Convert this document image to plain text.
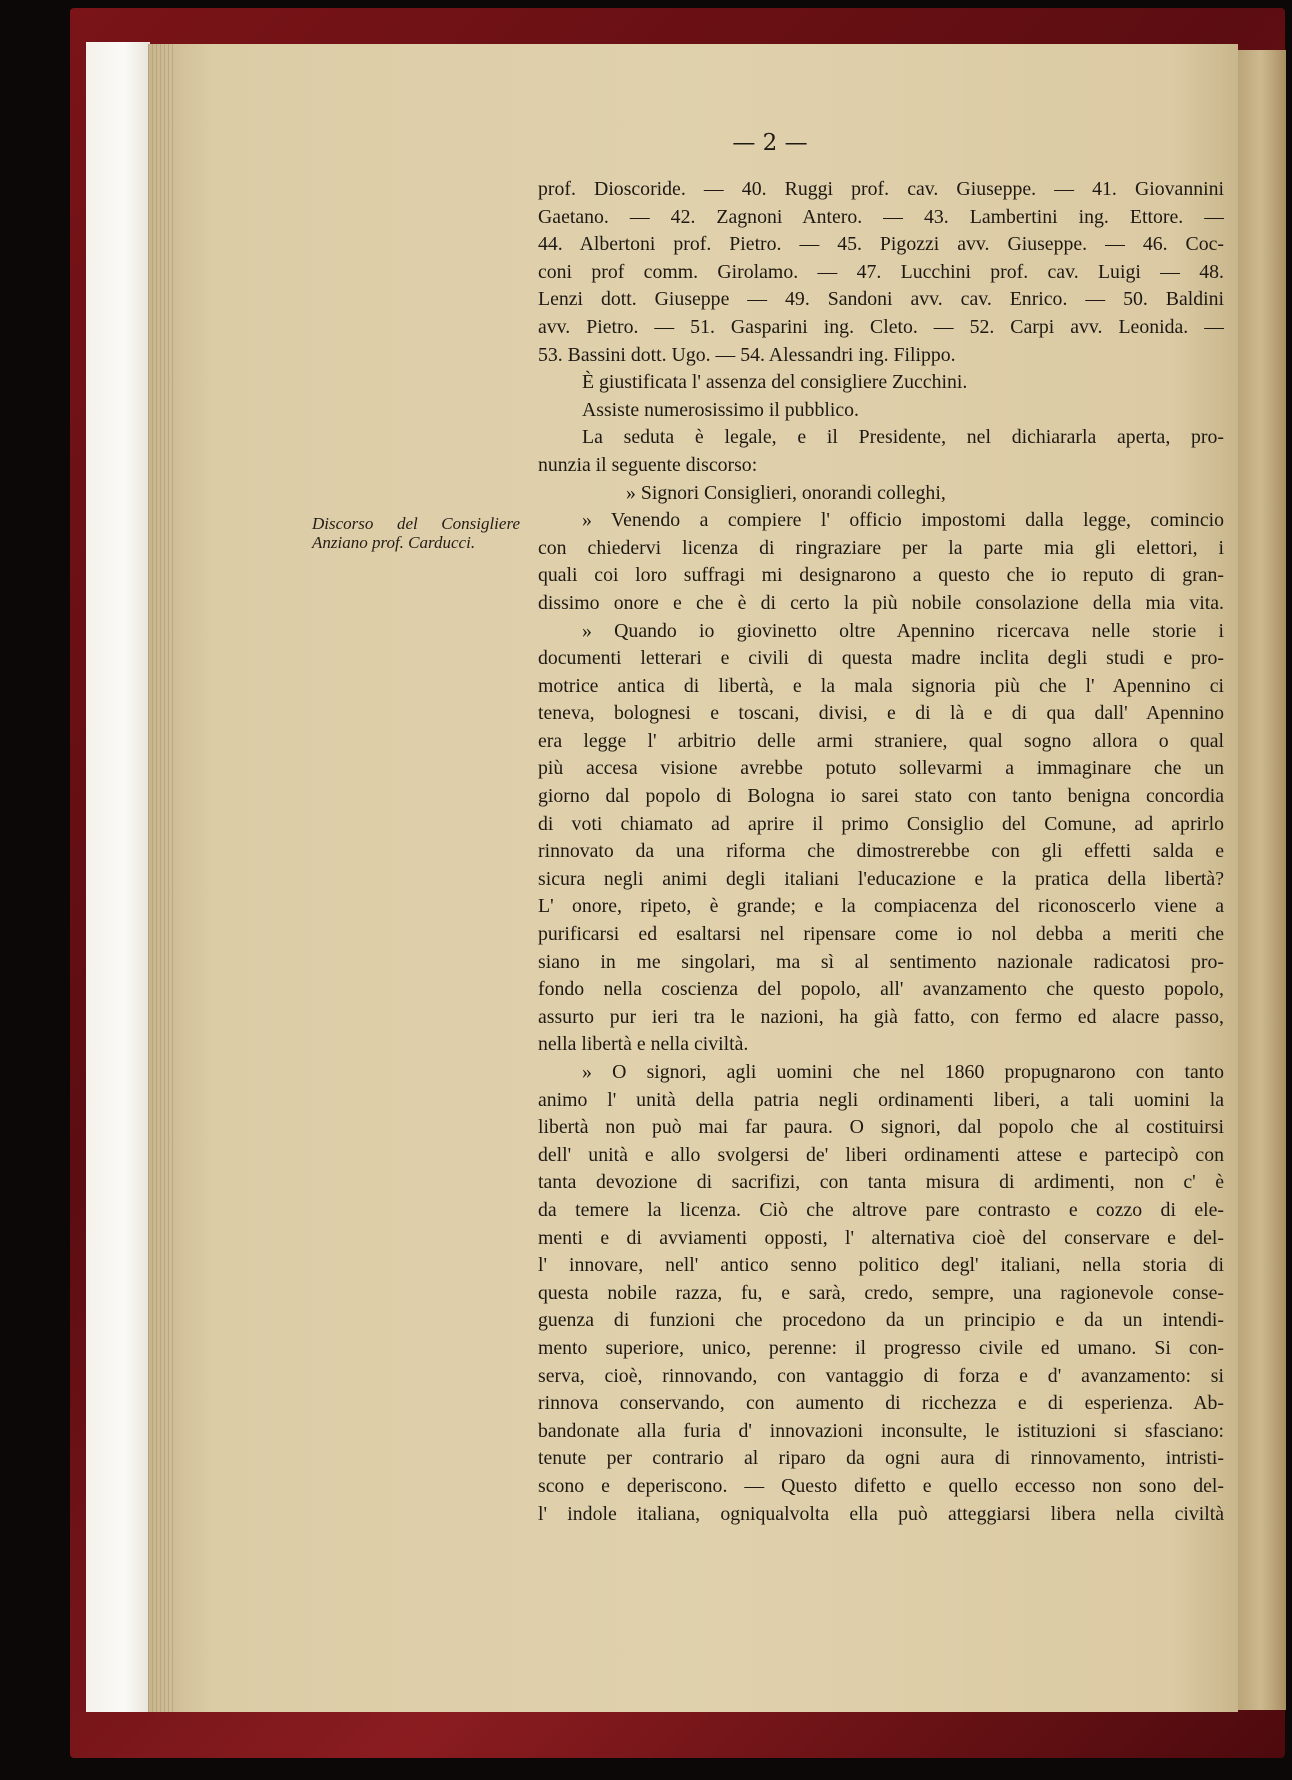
— 2 —
Discorso del Consigliere Anziano prof. Carducci.
prof. Dioscoride. — 40. Ruggi prof. cav. Giuseppe. — 41. Giovannini
Gaetano. — 42. Zagnoni Antero. — 43. Lambertini ing. Ettore. —
44. Albertoni prof. Pietro. — 45. Pigozzi avv. Giuseppe. — 46. Coc-
coni prof comm. Girolamo. — 47. Lucchini prof. cav. Luigi — 48.
Lenzi dott. Giuseppe — 49. Sandoni avv. cav. Enrico. — 50. Baldini
avv. Pietro. — 51. Gasparini ing. Cleto. — 52. Carpi avv. Leonida. —
53. Bassini dott. Ugo. — 54. Alessandri ing. Filippo.
È giustificata l' assenza del consigliere Zucchini.
Assiste numerosissimo il pubblico.
La seduta è legale, e il Presidente, nel dichiararla aperta, pro-
nunzia il seguente discorso:
» Signori Consiglieri, onorandi colleghi,
» Venendo a compiere l' officio impostomi dalla legge, comincio
con chiedervi licenza di ringraziare per la parte mia gli elettori, i
quali coi loro suffragi mi designarono a questo che io reputo di gran-
dissimo onore e che è di certo la più nobile consolazione della mia vita.
» Quando io giovinetto oltre Apennino ricercava nelle storie i
documenti letterari e civili di questa madre inclita degli studi e pro-
motrice antica di libertà, e la mala signoria più che l' Apennino ci
teneva, bolognesi e toscani, divisi, e di là e di qua dall' Apennino
era legge l' arbitrio delle armi straniere, qual sogno allora o qual
più accesa visione avrebbe potuto sollevarmi a immaginare che un
giorno dal popolo di Bologna io sarei stato con tanto benigna concordia
di voti chiamato ad aprire il primo Consiglio del Comune, ad aprirlo
rinnovato da una riforma che dimostrerebbe con gli effetti salda e
sicura negli animi degli italiani l'educazione e la pratica della libertà?
L' onore, ripeto, è grande; e la compiacenza del riconoscerlo viene a
purificarsi ed esaltarsi nel ripensare come io nol debba a meriti che
siano in me singolari, ma sì al sentimento nazionale radicatosi pro-
fondo nella coscienza del popolo, all' avanzamento che questo popolo,
assurto pur ieri tra le nazioni, ha già fatto, con fermo ed alacre passo,
nella libertà e nella civiltà.
» O signori, agli uomini che nel 1860 propugnarono con tanto
animo l' unità della patria negli ordinamenti liberi, a tali uomini la
libertà non può mai far paura. O signori, dal popolo che al costituirsi
dell' unità e allo svolgersi de' liberi ordinamenti attese e partecipò con
tanta devozione di sacrifizi, con tanta misura di ardimenti, non c' è
da temere la licenza. Ciò che altrove pare contrasto e cozzo di ele-
menti e di avviamenti opposti, l' alternativa cioè del conservare e del-
l' innovare, nell' antico senno politico degl' italiani, nella storia di
questa nobile razza, fu, e sarà, credo, sempre, una ragionevole conse-
guenza di funzioni che procedono da un principio e da un intendi-
mento superiore, unico, perenne: il progresso civile ed umano. Si con-
serva, cioè, rinnovando, con vantaggio di forza e d' avanzamento: si
rinnova conservando, con aumento di ricchezza e di esperienza. Ab-
bandonate alla furia d' innovazioni inconsulte, le istituzioni si sfasciano:
tenute per contrario al riparo da ogni aura di rinnovamento, intristi-
scono e deperiscono. — Questo difetto e quello eccesso non sono del-
l' indole italiana, ogniqualvolta ella può atteggiarsi libera nella civiltà
